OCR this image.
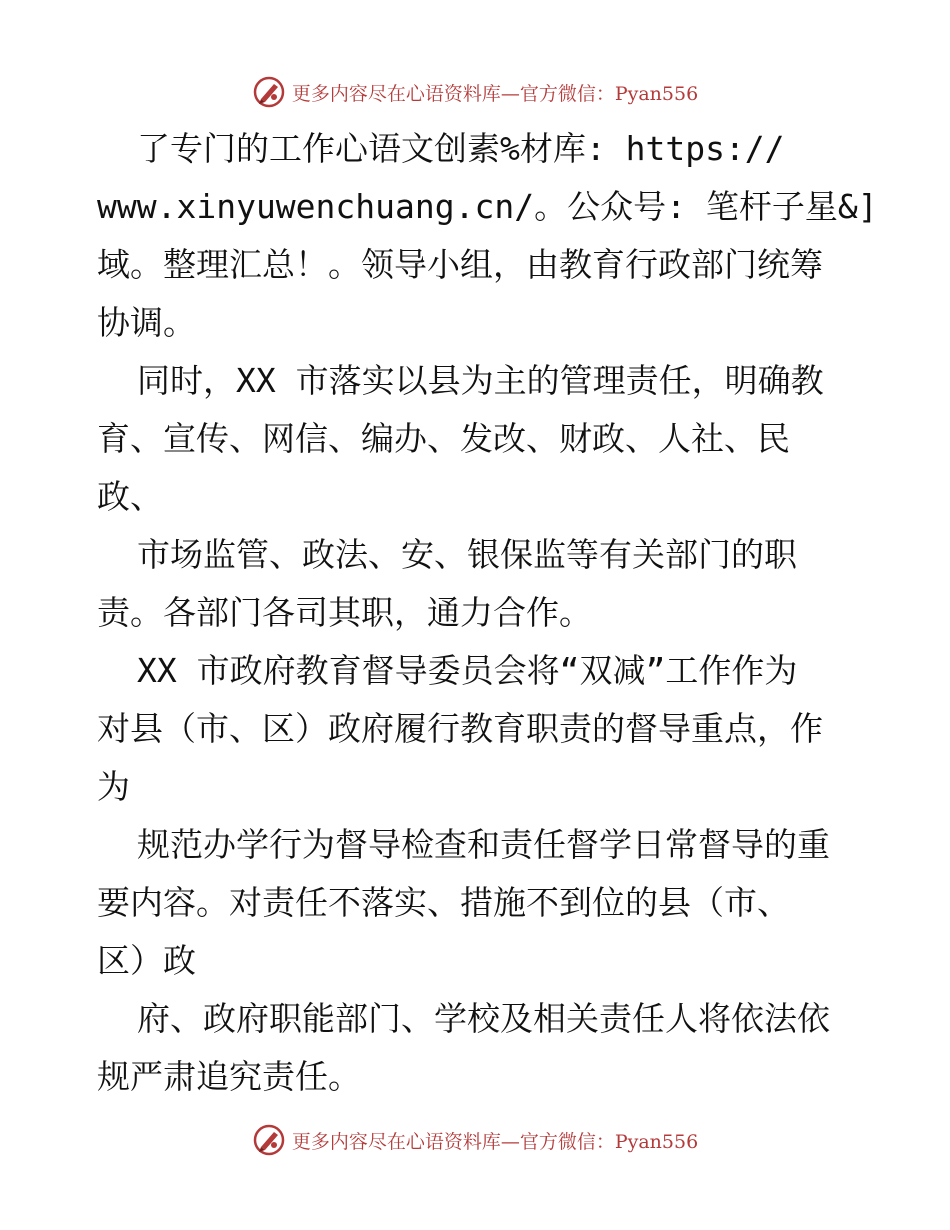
更多内容尽在心语资料库—官方微信：Pyan556
了专门的工作心语文创素%材库: https://
www.xinyuwenchuang.cn/。公众号: 笔杆子星&]
域。整理汇总！。领导小组，由教育行政部门统筹
协调。
同时，XX 市落实以县为主的管理责任，明确教
育、宣传、网信、编办、发改、财政、人社、民
政、
市场监管、政法、安、银保监等有关部门的职
责。各部门各司其职，通力合作。
XX 市政府教育督导委员会将“双减”工作作为
对县（市、区）政府履行教育职责的督导重点，作
为
规范办学行为督导检查和责任督学日常督导的重
要内容。对责任不落实、措施不到位的县（市、
区）政
府、政府职能部门、学校及相关责任人将依法依
规严肃追究责任。
更多内容尽在心语资料库—官方微信：Pyan556
